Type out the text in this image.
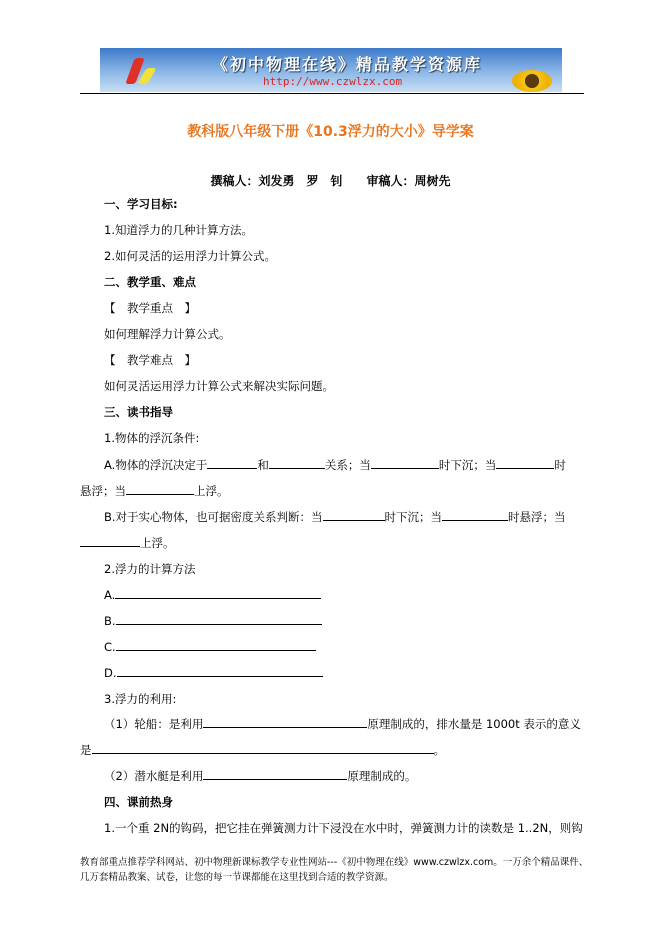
《初中物理在线》精品教学资源库
http://www.czwlzx.com
教科版八年级下册《10.3浮力的大小》导学案
撰稿人：刘发勇　罗　钊　　审稿人：周树先
一、学习目标:
1.知道浮力的几种计算方法。
2.如何灵活的运用浮力计算公式。
二、教学重、难点
【　教学重点　】
如何理解浮力计算公式。
【　教学难点　】
如何灵活运用浮力计算公式来解决实际问题。
三、读书指导
1.物体的浮沉条件:
A.物体的浮沉决定于	和	关系；当	时下沉；当	时
悬浮；当	上浮。
B.对于实心物体，也可据密度关系判断：当	时下沉；当	时悬浮；当
上浮。
2.浮力的计算方法
A.
B.
C.
D.
3.浮力的利用:
（1）轮船：是利用	原理制成的，排水量是 1000t 表示的意义
是	。
（2）潜水艇是利用	原理制成的。
四、课前热身
1.一个重 2N的钩码，把它挂在弹簧测力计下浸没在水中时，弹簧测力计的读数是 1..2N，则钩
教育部重点推荐学科网站、初中物理新课标教学专业性网站---《初中物理在线》www.czwlzx.com。一万余个精品课件、几万套精品教案、试卷，让您的每一节课都能在这里找到合适的教学资源。
